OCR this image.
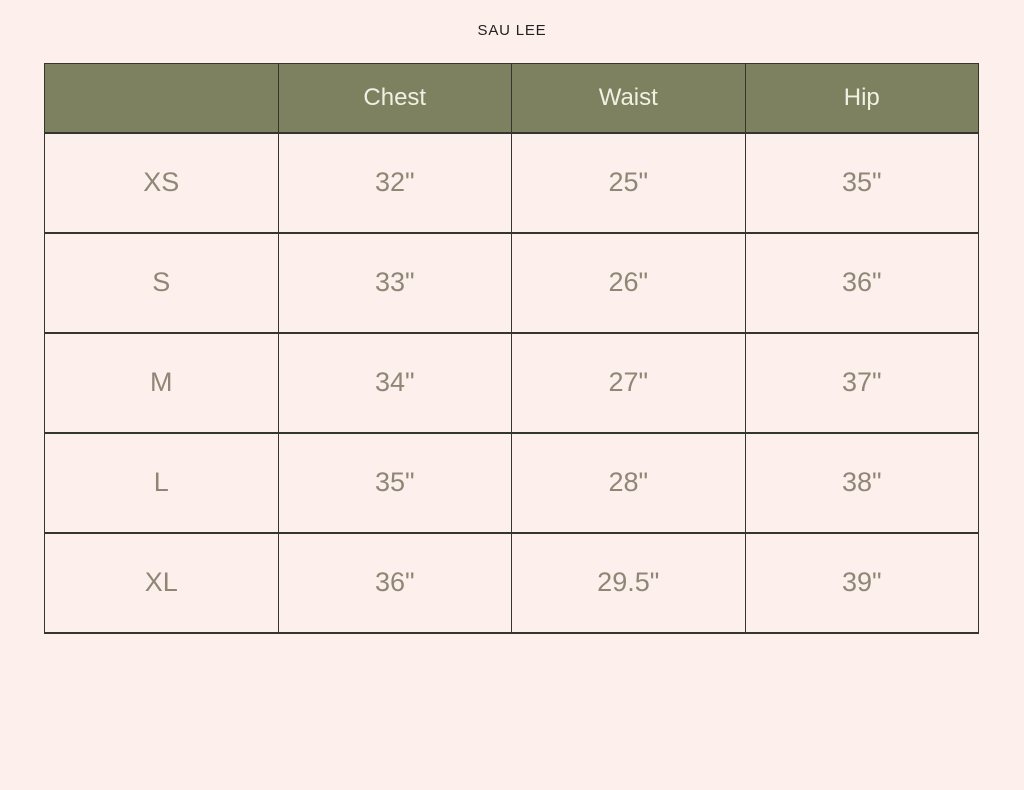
SAU LEE
	Chest	Waist	Hip
XS	32"	25"	35"
S	33"	26"	36"
M	34"	27"	37"
L	35"	28"	38"
XL	36"	29.5"	39"
